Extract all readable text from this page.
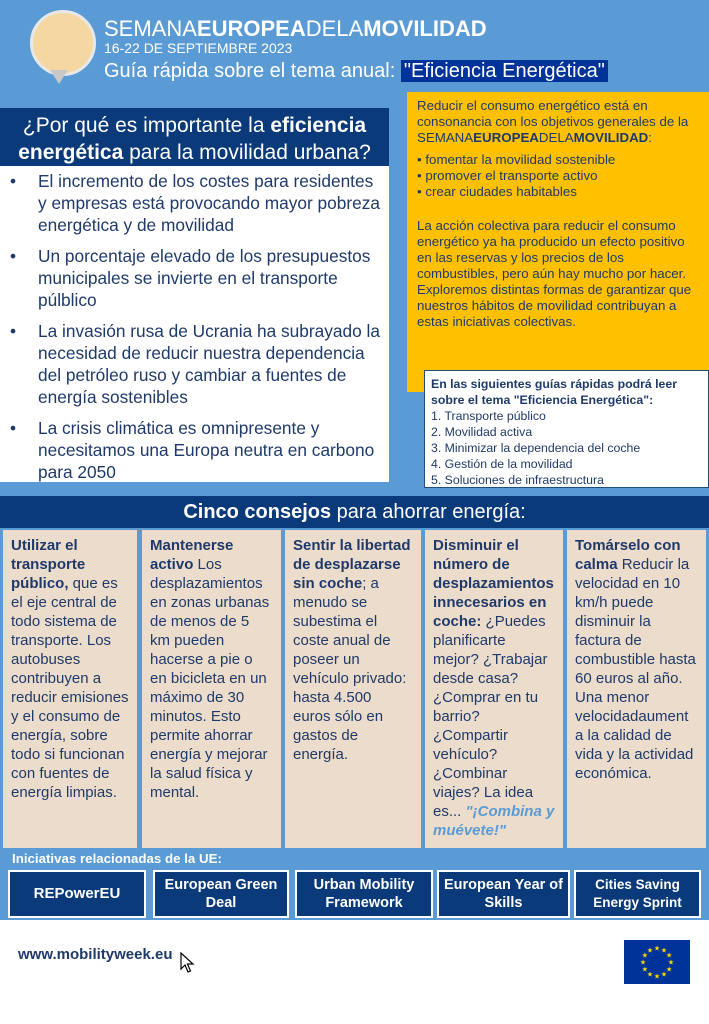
SEMANAEUROPEADELAMOVILIDAD
16-22 DE SEPTIEMBRE 2023
Guía rápida sobre el tema anual: "Eficiencia Energética"
¿Por qué es importante la eficiencia energética para la movilidad urbana?
• El incremento de los costes para residentes y empresas está provocando mayor pobreza energética y de movilidad
• Un porcentaje elevado de los presupuestos municipales se invierte en el transporte púlblico
• La invasión rusa de Ucrania ha subrayado la necesidad de reducir nuestra dependencia del petróleo ruso y cambiar a fuentes de energía sostenibles
• La crisis climática es omnipresente y necesitamos una Europa neutra en carbono para 2050

Reducir el consumo energético está en consonancia con los objetivos generales de la SEMANAEUROPEADELAMOVILIDAD:

• fomentar la movilidad sostenible

• promover el transporte activo

• crear ciudades habitables

La acción colectiva para reducir el consumo energético ya ha producido un efecto positivo en las reservas y los precios de los combustibles, pero aún hay mucho por hacer. Exploremos distintas formas de garantizar que nuestros hábitos de movilidad contribuyan a estas iniciativas colectivas.

En las siguientes guías rápidas podrá leer sobre el tema "Eficiencia Energética":
1. Transporte público
2. Movilidad activa
3. Minimizar la dependencia del coche
4. Gestión de la movilidad
5. Soluciones de infraestructura
Cinco consejos para ahorrar energía:
Utilizar el transporte público, que es el eje central de todo sistema de transporte. Los autobuses contribuyen a reducir emisiones y el consumo de energía, sobre todo si funcionan con fuentes de energía limpias.
Mantenerse activo Los desplazamientos en zonas urbanas de menos de 5 km pueden hacerse a pie o en bicicleta en un máximo de 30 minutos. Esto permite ahorrar energía y mejorar la salud física y mental.
Sentir la libertad de desplazarse sin coche; a menudo se subestima el coste anual de poseer un vehículo privado: hasta 4.500 euros sólo en gastos de energía.
Disminuir el número de desplazamientos innecesarios en coche: ¿Puedes planificarte mejor? ¿Trabajar desde casa? ¿Comprar en tu barrio? ¿Compartir vehículo? ¿Combinar viajes? La idea es... "¡Combina y muévete!"
Tomárselo con calma Reducir la velocidad en 10 km/h puede disminuir la factura de combustible hasta 60 euros al año. Una menor velocidadaument a la calidad de vida y la actividad económica.
Iniciativas relacionadas de la UE:
REPowerEU	European Green Deal
Urban Mobility Framework
European Year of Skills
Cities Saving Energy Sprint
www.mobilityweek.eu	★ ★
★
★
★
★
★
★
★
★
★
★
